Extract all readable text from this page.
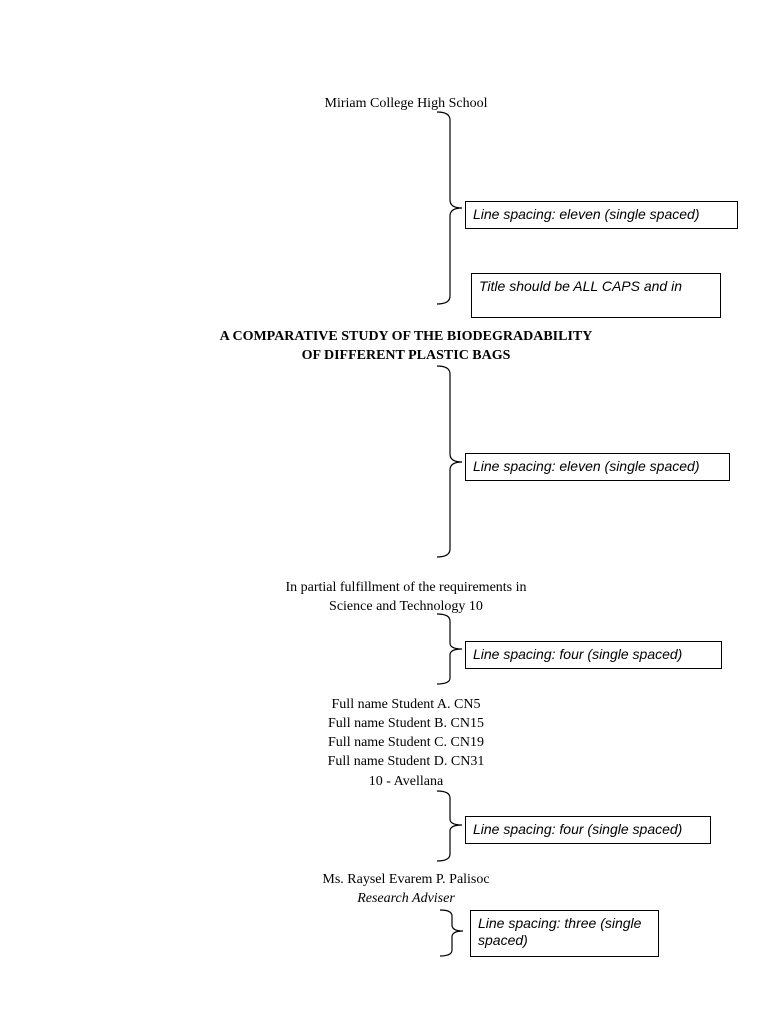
Miriam College High School
A COMPARATIVE STUDY OF THE BIODEGRADABILITY
OF DIFFERENT PLASTIC BAGS
In partial fulfillment of the requirements in
Science and Technology 10
Full name Student A. CN5
Full name Student B. CN15
Full name Student C. CN19
Full name Student D. CN31
10 - Avellana
Ms. Raysel Evarem P. Palisoc
Research Adviser
Line spacing: eleven (single spaced)
Title should be ALL CAPS and in
Line spacing: eleven (single spaced)
Line spacing: four (single spaced)
Line spacing: four (single spaced)
Line spacing: three (single spaced)
